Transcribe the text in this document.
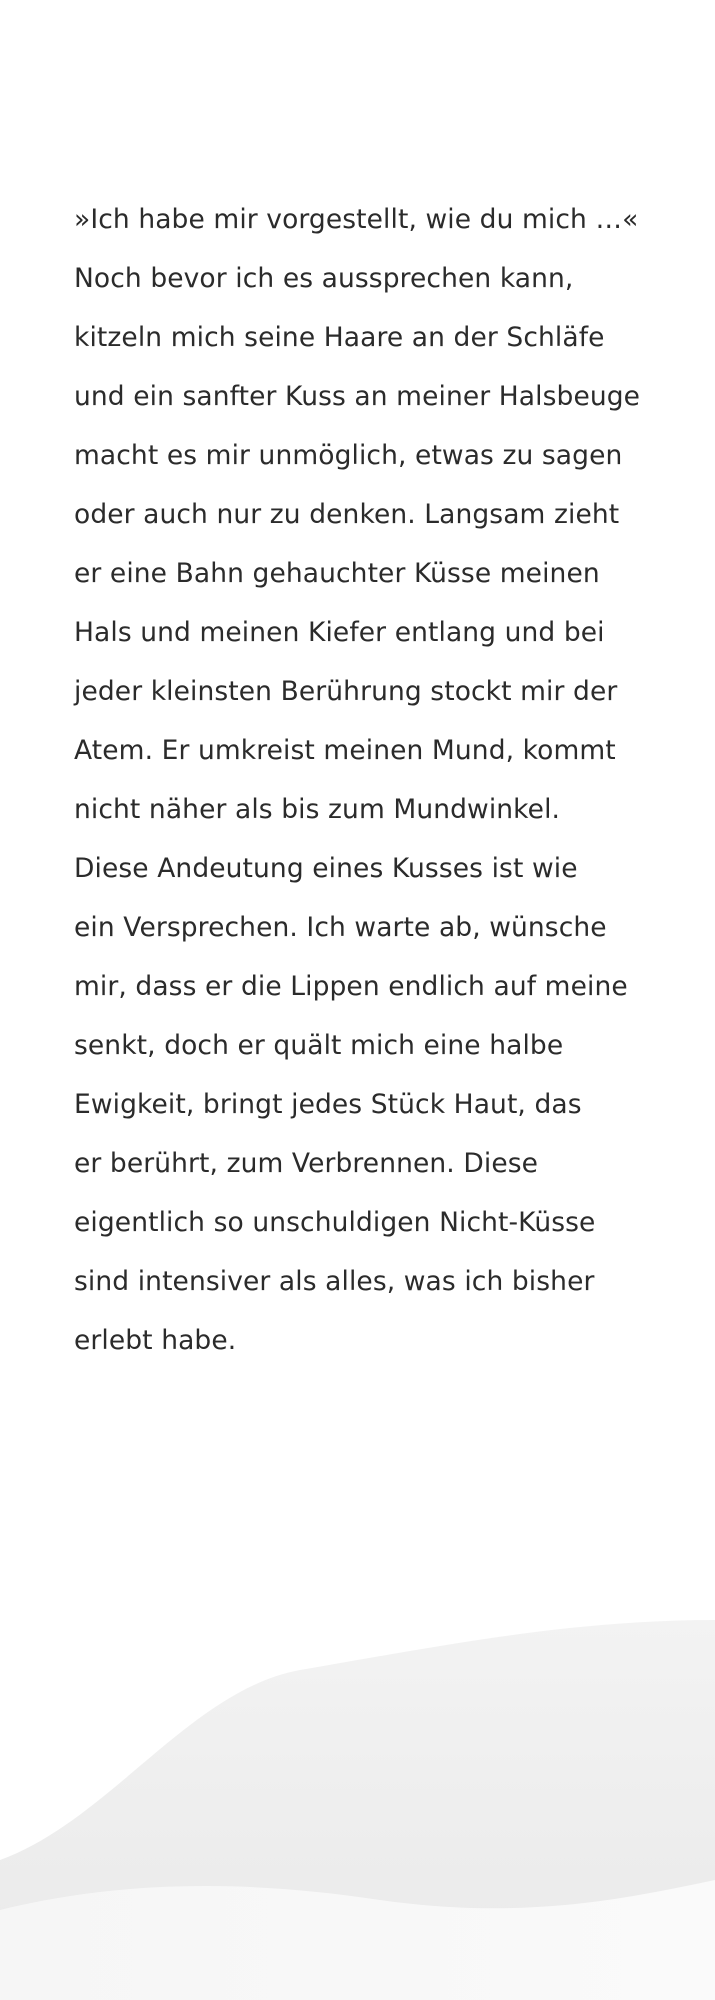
»Ich habe mir vorgestellt, wie du mich …«
Noch bevor ich es aussprechen kann,
kitzeln mich seine Haare an der Schläfe
und ein sanfter Kuss an meiner Halsbeuge
macht es mir unmöglich, etwas zu sagen
oder auch nur zu denken. Langsam zieht
er eine Bahn gehauchter Küsse meinen
Hals und meinen Kiefer entlang und bei
jeder kleinsten Berührung stockt mir der
Atem. Er umkreist meinen Mund, kommt
nicht näher als bis zum Mundwinkel.
Diese Andeutung eines Kusses ist wie
ein Versprechen. Ich warte ab, wünsche
mir, dass er die Lippen endlich auf meine
senkt, doch er quält mich eine halbe
Ewigkeit, bringt jedes Stück Haut, das
er berührt, zum Verbrennen. Diese
eigentlich so unschuldigen Nicht-Küsse
sind intensiver als alles, was ich bisher
erlebt habe.
